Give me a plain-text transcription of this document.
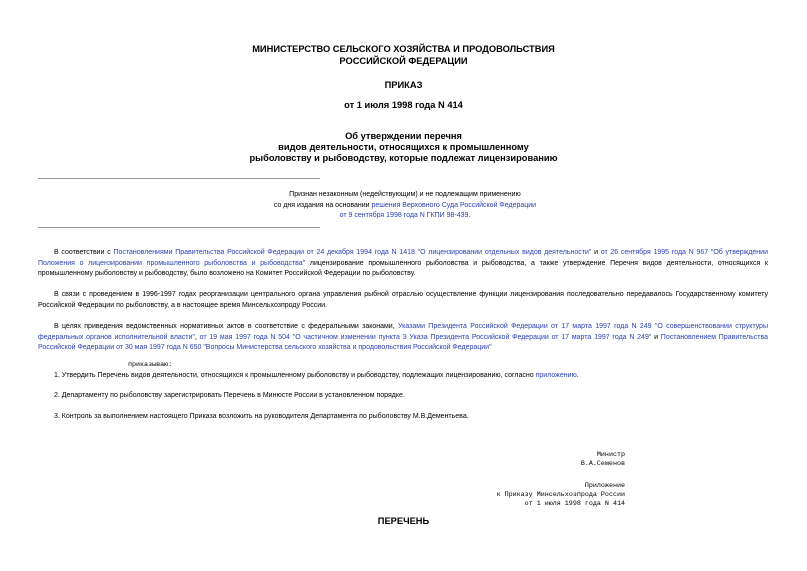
МИНИСТЕРСТВО СЕЛЬСКОГО ХОЗЯЙСТВА И ПРОДОВОЛЬСТВИЯ
РОССИЙСКОЙ ФЕДЕРАЦИИ
ПРИКАЗ
от 1 июля 1998 года N 414
Об утверждении перечня
видов деятельности, относящихся к промышленному
рыболовству и рыбоводству, которые подлежат лицензированию
Признан незаконным (недействующим) и не подлежащим применению
со дня издания на основании решения Верховного Суда Российской Федерации
от 9 сентября 1998 года N ГКПИ 98-439.
В соответствии с Постановлениями Правительства Российской Федерации от 24 декабря 1994 года N 1418 "О лицензировании отдельных видов деятельности" и от 26 сентября 1995 года N 967 "Об утверждении Положения о лицензировании промышленного рыболовства и рыбоводства" лицензирование промышленного рыболовства и рыбоводства, а также утверждение Перечня видов деятельности, относящихся к промышленному рыболовству и рыбоводству, было возложено на Комитет Российской Федерации по рыболовству.
В связи с проведением в 1996-1997 годах реорганизации центрального органа управления рыбной отраслью осуществление функции лицензирования последовательно передавалось Государственному комитету Российской Федерации по рыболовству, а в настоящее время Минсельхозпроду России.
В целях приведения ведомственных нормативных актов в соответствие с федеральными законами, Указами Президента Российской Федерации от 17 марта 1997 года N 249 "О совершенствовании структуры федеральных органов исполнительной власти", от 19 мая 1997 года N 504 "О частичном изменении пункта 3 Указа Президента Российской Федерации от 17 марта 1997 года N 249" и Постановлением Правительства Российской Федерации от 30 мая 1997 года N 650 "Вопросы Министерства сельского хозяйства и продовольствия Российской Федерации"
приказываю:
1. Утвердить Перечень видов деятельности, относящихся к промышленному рыболовству и рыбоводству, подлежащих лицензированию, согласно приложению.
2. Департаменту по рыболовству зарегистрировать Перечень в Минюсте России в установленном порядке.
3. Контроль за выполнением настоящего Приказа возложить на руководителя Департамента по рыболовству М.В.Дементьева.
Министр
В.А.Семенов
Приложение
к Приказу Минсельхозпрода России
от 1 июля 1998 года N 414
ПЕРЕЧЕНЬ
